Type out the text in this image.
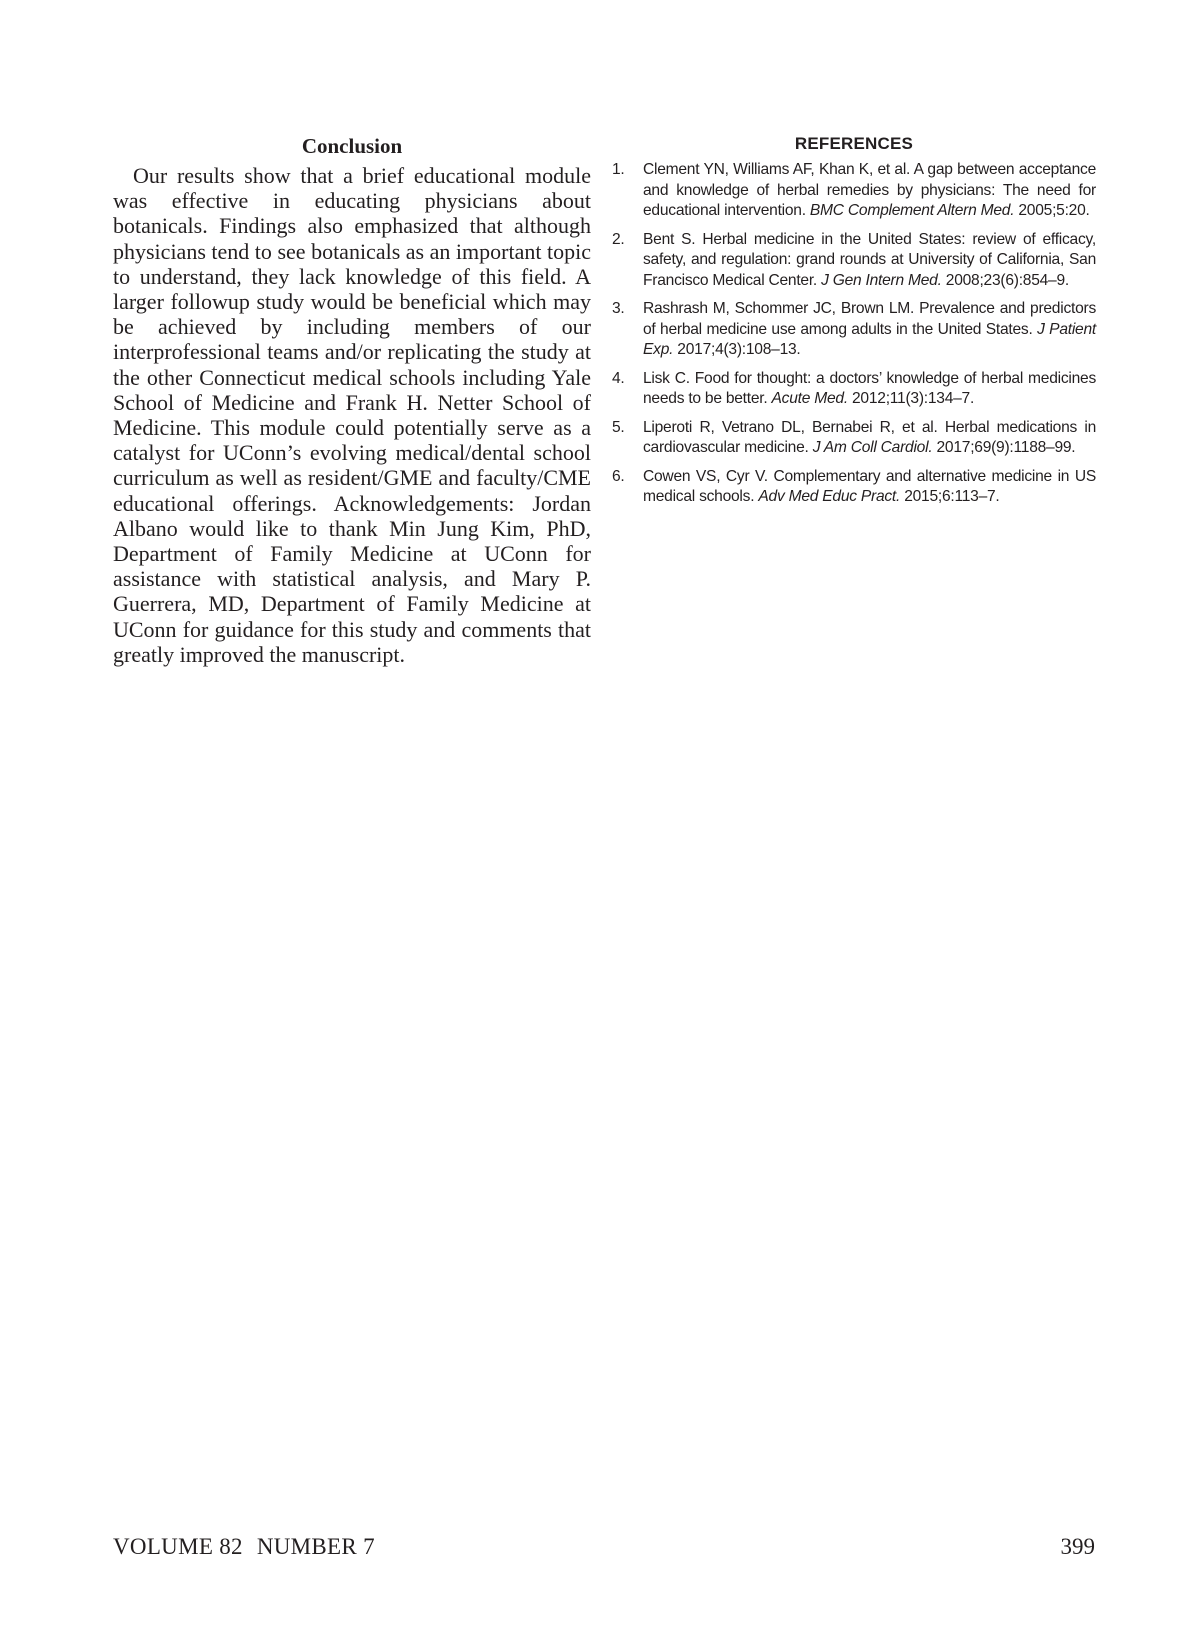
Conclusion

Our results show that a brief educational module was effective in educating physicians about botanicals. Findings also emphasized that although physicians tend to see botanicals as an important topic to understand, they lack knowledge of this field. A larger followup study would be beneficial which may be achieved by including members of our interprofessional teams and/or replicating the study at the other Connecticut medical schools including Yale School of Medicine and Frank H. Netter School of Medicine. This module could potentially serve as a catalyst for UConn’s evolving medical/dental school curriculum as well as resident/GME and faculty/CME educational offerings. Acknowledgements: Jordan Albano would like to thank Min Jung Kim, PhD, Department of Family Medicine at UConn for assistance with statistical analysis, and Mary P. Guerrera, MD, Department of Family Medicine at UConn for guidance for this study and comments that greatly improved the manuscript.

REFERENCES
1. Clement YN, Williams AF, Khan K, et al. A gap between acceptance and knowledge of herbal remedies by physicians: The need for educational intervention. BMC Complement Altern Med. 2005;5:20.
2. Bent S. Herbal medicine in the United States: review of efficacy, safety, and regulation: grand rounds at University of California, San Francisco Medical Center. J Gen Intern Med. 2008;23(6):854–9.
3. Rashrash M, Schommer JC, Brown LM. Prevalence and predictors of herbal medicine use among adults in the United States. J Patient Exp. 2017;4(3):108–13.
4. Lisk C. Food for thought: a doctors’ knowledge of herbal medicines needs to be better. Acute Med. 2012;11(3):134–7.
5. Liperoti R, Vetrano DL, Bernabei R, et al. Herbal medications in cardiovascular medicine. J Am Coll Cardiol. 2017;69(9):1188–99.
6. Cowen VS, Cyr V. Complementary and alternative medicine in US medical schools. Adv Med Educ Pract. 2015;6:113–7.
VOLUME 82 NUMBER 7	399
